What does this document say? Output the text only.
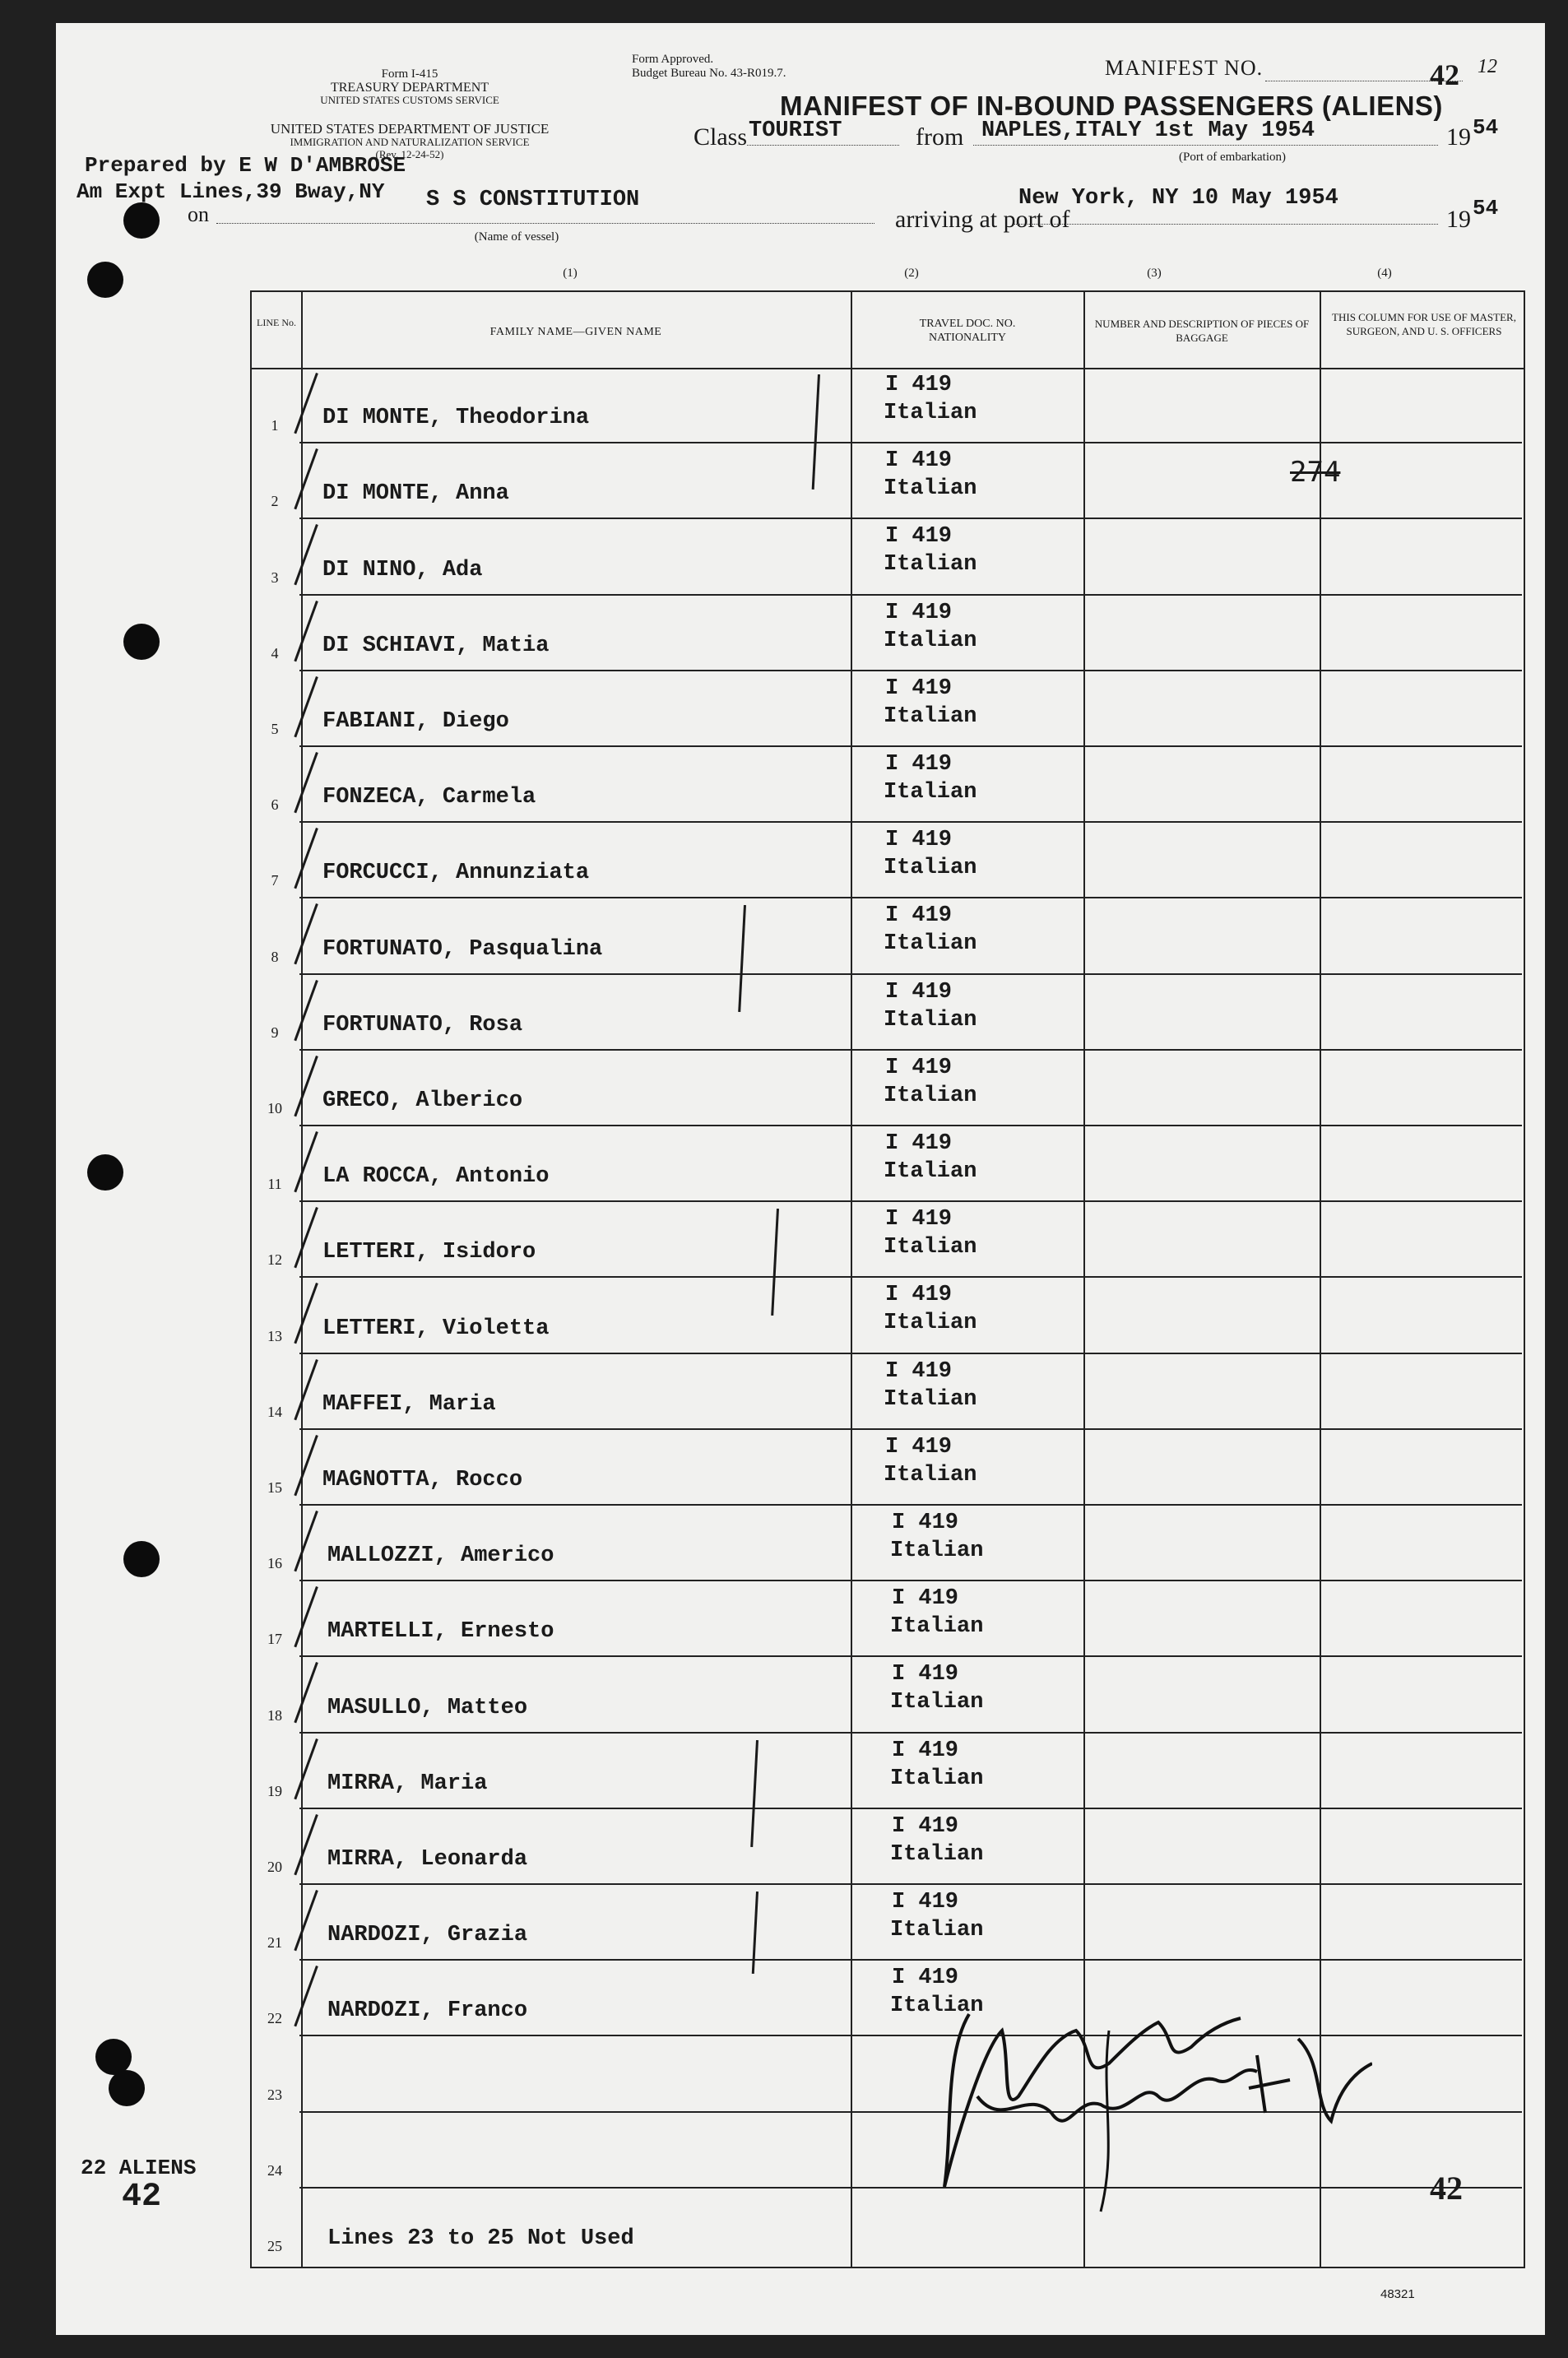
Form I-415
TREASURY DEPARTMENT
UNITED STATES CUSTOMS SERVICE
UNITED STATES DEPARTMENT OF JUSTICE
IMMIGRATION AND NATURALIZATION SERVICE
(Rev. 12-24-52)
Form Approved.
Budget Bureau No. 43-R019.7.	MANIFEST NO.	42 12
MANIFEST OF IN-BOUND PASSENGERS (ALIENS)
Class TOURIST	from NAPLES,ITALY 1st May 1954	19 54
(Port of embarkation)
Prepared by E W D'AMBROSE
Am Expt Lines,39 Bway,NY
on
S S CONSTITUTION
(Name of vessel)
arriving at port of
New York, NY 10 May 1954
19 54
(1)	(2)	(3)	(4)
LINE No.
FAMILY NAME—GIVEN NAME
TRAVEL DOC. NO. NATIONALITY
NUMBER AND DESCRIPTION OF PIECES OF BAGGAGE
THIS COLUMN FOR USE OF MASTER, SURGEON, AND U. S. OFFICERS
1	DI MONTE, Theodorina
I 419
Italian
2	DI MONTE, Anna
I 419
Italian
3	DI NINO, Ada
I 419
Italian
4	DI SCHIAVI, Matia
I 419
Italian
5	FABIANI, Diego
I 419
Italian
6	FONZECA, Carmela
I 419
Italian
7	FORCUCCI, Annunziata
I 419
Italian
8	FORTUNATO, Pasqualina
I 419
Italian
9	FORTUNATO, Rosa
I 419
Italian
10	GRECO, Alberico
I 419
Italian
11	LA ROCCA, Antonio
I 419
Italian
12	LETTERI, Isidoro
I 419
Italian
13	LETTERI, Violetta
I 419
Italian
14	MAFFEI, Maria
I 419
Italian
15	MAGNOTTA, Rocco
I 419
Italian
16	MALLOZZI, Americo
I 419
Italian
17	MARTELLI, Ernesto
I 419
Italian
18	MASULLO, Matteo
I 419
Italian
19	MIRRA, Maria
I 419
Italian
20	MIRRA, Leonarda
I 419
Italian
21	NARDOZI, Grazia
I 419
Italian
22	NARDOZI, Franco
I 419
Italian
23
24
25	Lines 23 to 25 Not Used
274
22 ALIENS
42	42
48321
